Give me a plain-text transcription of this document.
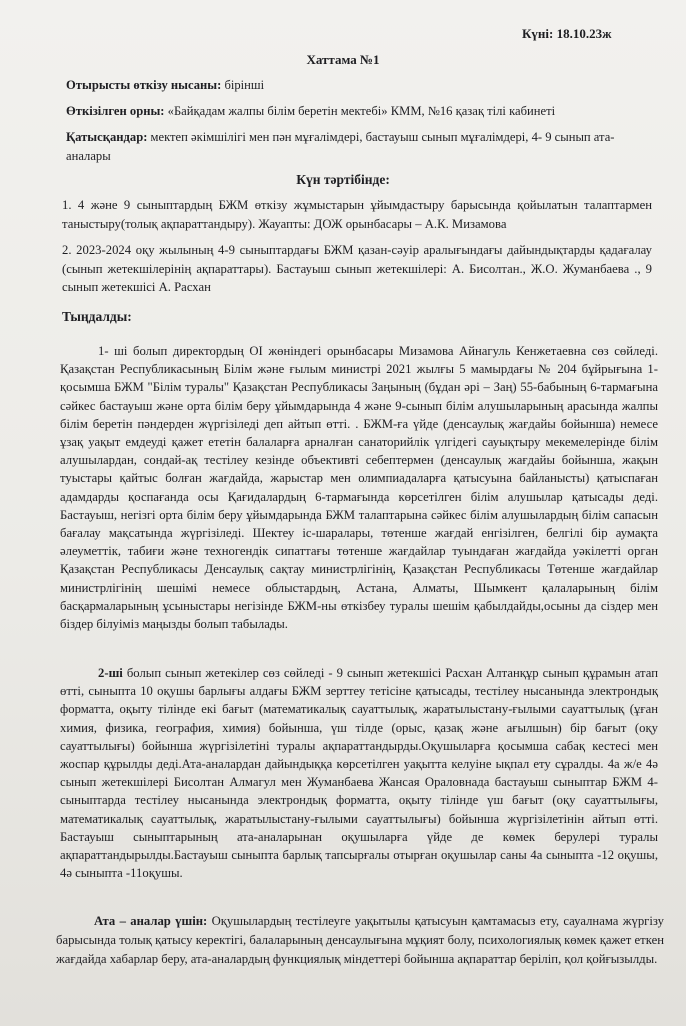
Күні: 18.10.23ж
Хаттама №1
Отырысты өткізу нысаны: біріншi
Өткізілген орны: «Байқадам жалпы білім беретін мектебі» КММ, №16 қазақ тілі кабинеті
Қатысқандар: мектеп әкімшілігі мен пән мұғалімдері, бастауыш сынып мұғалімдері, 4- 9 сынып ата-аналары
Күн тәртібінде:
1. 4 және 9 сыныптардың БЖМ өткізу жұмыстарын ұйымдастыру барысында қойылатын талаптармен таныстыру(толық ақпараттандыру). Жауапты: ДОЖ орынбасары – А.К. Мизамова
2. 2023-2024 оқу жылының 4-9 сыныптардағы БЖМ қазан-сәуір аралығындағы дайындықтарды қадағалау (сынып жетекшілерінің ақпараттары). Бастауыш сынып жетекшілері: А. Бисолтан., Ж.О. Жуманбаева ., 9 сынып жетекшісі А. Расхан
Тыңдалды:

1- ші болып директордың ОІ жөніндегі орынбасары Мизамова Айнагуль Кенжетаевна сөз сөйледі. Қазақстан Республикасының Білім және ғылым министрі 2021 жылғы 5 мамырдағы № 204 бұйрығына 1-қосымша БЖМ "Білім туралы" Қазақстан Республикасы Заңының (бұдан әрі – Заң) 55-бабының 6-тармағына сәйкес бастауыш және орта білім беру ұйымдарында 4 және 9-сынып білім алушыларының арасында жалпы білім беретін пәндерден жүргізіледі деп айтып өтті. . БЖМ-ға үйде (денсаулық жағдайы бойынша) немесе ұзақ уақыт емдеуді қажет ететін балаларға арналған санаторийлік үлгідегі сауықтыру мекемелерінде білім алушылардан, сондай-ақ тестілеу кезінде объективті себептермен (денсаулық жағдайы бойынша, жақын туыстары қайтыс болған жағдайда, жарыстар мен олимпиадаларға қатысуына байланысты) қатыспаған адамдарды қоспағанда осы Қағидалардың 6-тармағында көрсетілген білім алушылар қатысады деді. Бастауыш, негізгі орта білім беру ұйымдарында БЖМ талаптарына сәйкес білім алушылардың білім сапасын бағалау мақсатында жүргізіледі. Шектеу іс-шаралары, төтенше жағдай енгізілген, белгілі бір аумақта әлеуметтік, табиғи және техногендік сипаттағы төтенше жағдайлар туындаған жағдайда уәкілетті орган Қазақстан Республикасы Денсаулық сақтау министрлігінің, Қазақстан Республикасы Төтенше жағдайлар министрлігінің шешімі немесе облыстардың, Астана, Алматы, Шымкент қалаларының білім басқармаларының ұсыныстары негізінде БЖМ-ны өткізбеу туралы шешім қабылдайды,осыны да сіздер мен біздер білуіміз маңызды болып табылады.

2-ші болып сынып жетекілер сөз сөйледі - 9 сынып жетекшісі Расхан Алтанқұр сынып құрамын атап өтті, сыныпта 10 оқушы барлығы алдағы БЖМ зерттеу тетісіне қатысады, тестілеу нысанында электрондық форматта, оқыту тілінде екі бағыт (математикалық сауаттылық, жаратылыстану-ғылыми сауаттылық (ұған химия, физика, география, химия) бойынша, үш тілде (орыс, қазақ және ағылшын) бір бағыт (оқу сауаттылығы) бойынша жүргізілетіні туралы ақпараттандырды.Оқушыларға қосымша сабақ кестесі мен жоспар құрылды деді.Ата-аналардан дайындыққа көрсетілген уақытта келуіне ықпал ету сұралды. 4а ж/е 4ә сынып жетекшілері Бисолтан Алмагул мен Жуманбаева Жансая Ораловнада бастауыш сыныптар БЖМ 4-сыныптарда тестілеу нысанында электрондық форматта, оқыту тілінде үш бағыт (оқу сауаттылығы, математикалық сауаттылық, жаратылыстану-ғылыми сауаттылығы) бойынша жүргізілетінін айтып өтті. Бастауыш сыныптарының ата-аналарынан оқушыларға үйде де көмек берулері туралы ақпараттандырылды.Бастауыш сыныпта барлық тапсырғалы отырған оқушылар саны 4а сыныпта -12 оқушы, 4ә сыныпта -11оқушы.

Ата – аналар үшін: Оқушылардың тестілеуге уақытылы қатысуын қамтамасыз ету, сауалнама жүргізу барысында толық қатысу керектігі, балаларының денсаулығына мұқият болу, психологиялық көмек қажет еткен жағдайда хабарлар беру, ата-аналардың функциялық міндеттері бойынша ақпараттар беріліп, қол қойғызылды.
